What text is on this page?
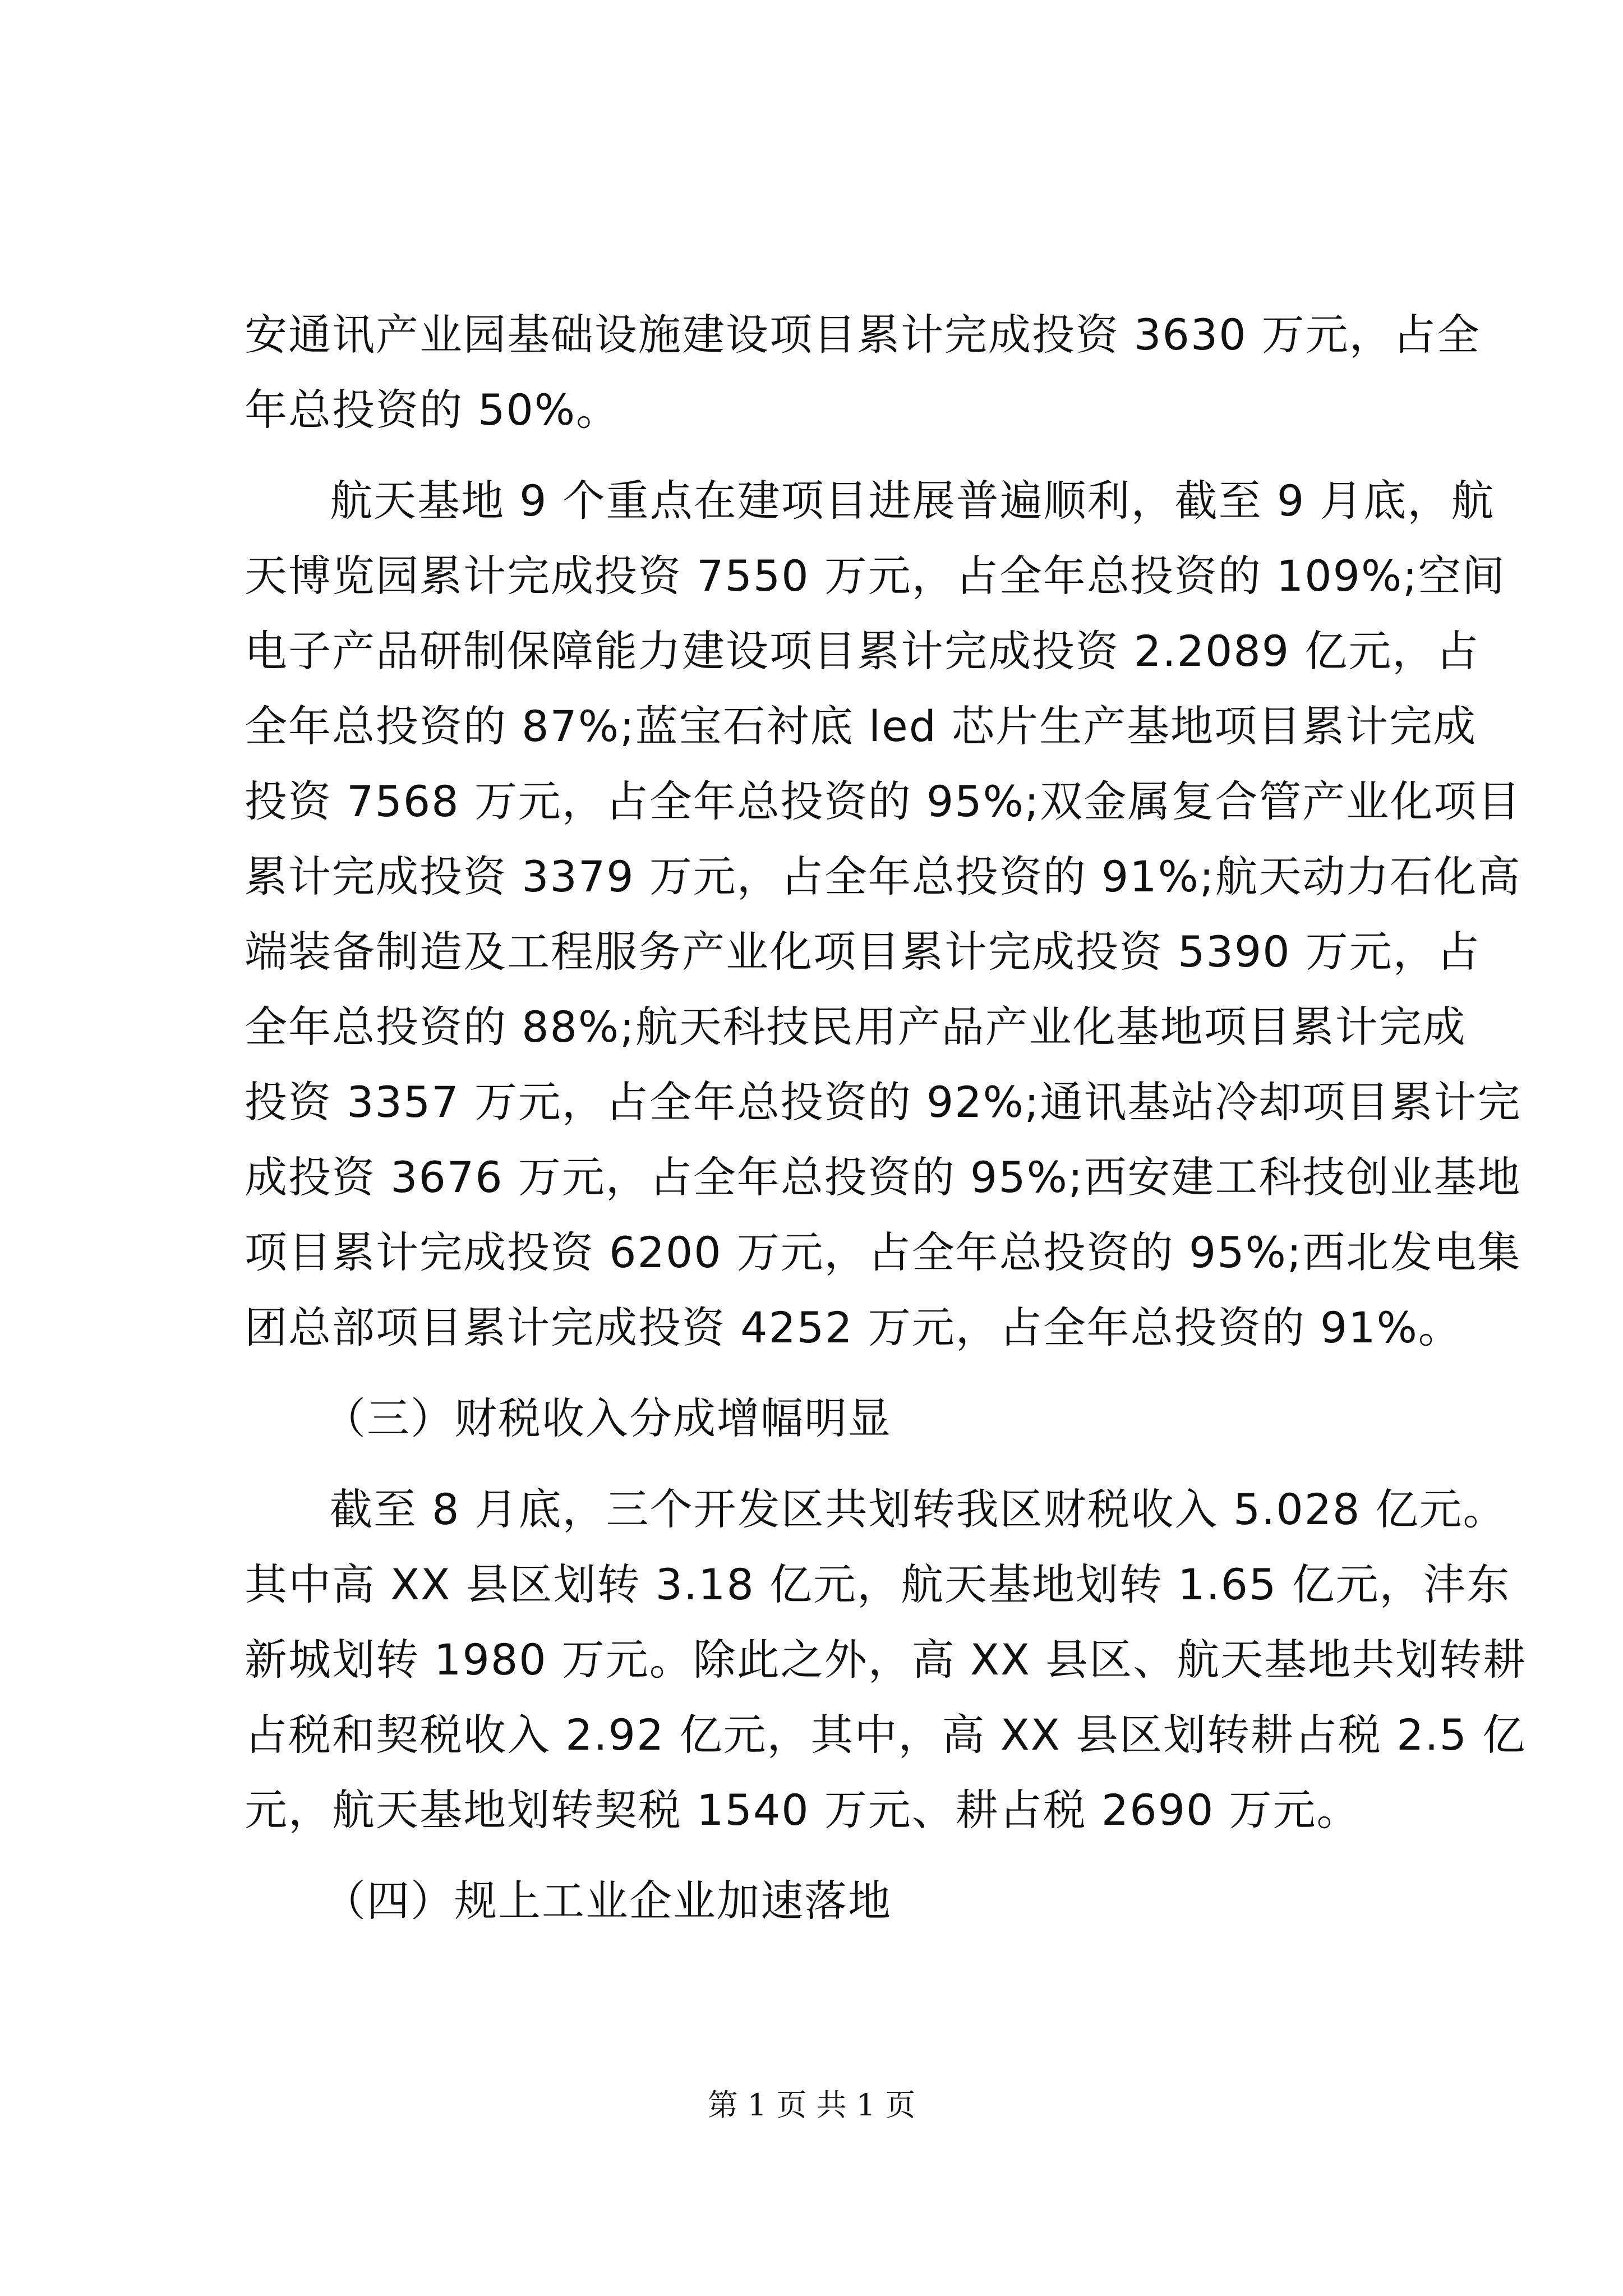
安通讯产业园基础设施建设项目累计完成投资 3630 万元，占全
年总投资的 50%。
航天基地 9 个重点在建项目进展普遍顺利，截至 9 月底，航
天博览园累计完成投资 7550 万元，占全年总投资的 109%;空间
电子产品研制保障能力建设项目累计完成投资 2.2089 亿元，占
全年总投资的 87%;蓝宝石衬底 led 芯片生产基地项目累计完成
投资 7568 万元，占全年总投资的 95%;双金属复合管产业化项目
累计完成投资 3379 万元，占全年总投资的 91%;航天动力石化高
端装备制造及工程服务产业化项目累计完成投资 5390 万元，占
全年总投资的 88%;航天科技民用产品产业化基地项目累计完成
投资 3357 万元，占全年总投资的 92%;通讯基站冷却项目累计完
成投资 3676 万元，占全年总投资的 95%;西安建工科技创业基地
项目累计完成投资 6200 万元，占全年总投资的 95%;西北发电集
团总部项目累计完成投资 4252 万元，占全年总投资的 91%。
（三）财税收入分成增幅明显
截至 8 月底，三个开发区共划转我区财税收入 5.028 亿元。
其中高 XX 县区划转 3.18 亿元，航天基地划转 1.65 亿元，沣东
新城划转 1980 万元。除此之外，高 XX 县区、航天基地共划转耕
占税和契税收入 2.92 亿元，其中，高 XX 县区划转耕占税 2.5 亿
元，航天基地划转契税 1540 万元、耕占税 2690 万元。
（四）规上工业企业加速落地
第 1 页 共 1 页
